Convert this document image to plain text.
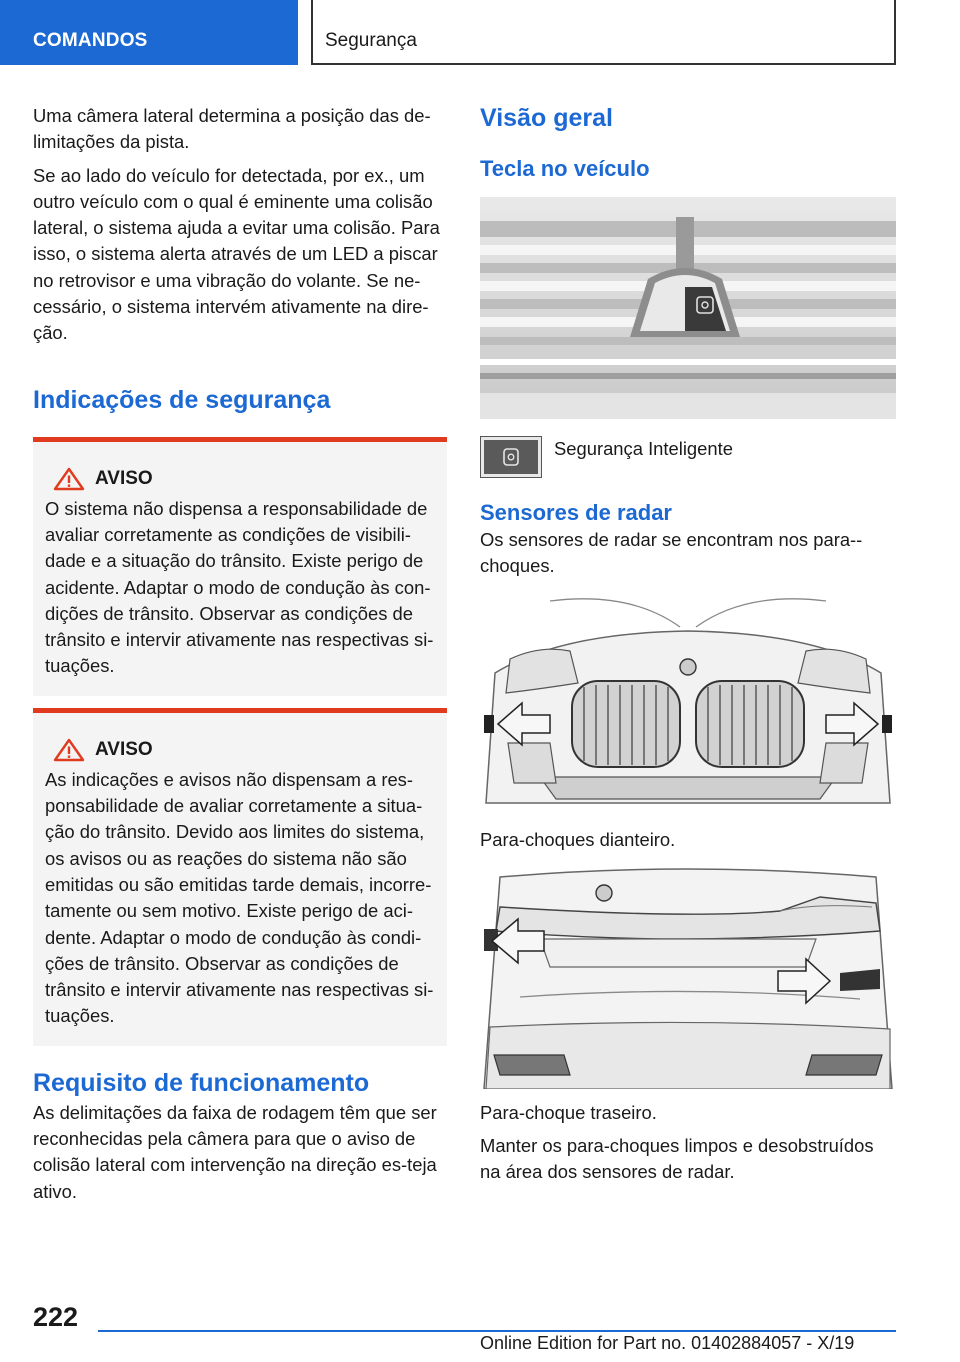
COMANDOS	Segurança

Uma câmera lateral determina a posição das de-limitações da pista.

Se ao lado do veículo for detectada, por ex., um outro veículo com o qual é eminente uma colisão lateral, o sistema ajuda a evitar uma colisão. Para isso, o sistema alerta através de um LED a piscar no retrovisor e uma vibração do volante. Se ne-cessário, o sistema intervém ativamente na dire-ção.

Indicações de segurança
AVISO

O sistema não dispensa a responsabilidade de avaliar corretamente as condições de visibili-dade e a situação do trânsito. Existe perigo de acidente. Adaptar o modo de condução às con-dições de trânsito. Observar as condições de trânsito e intervir ativamente nas respectivas si-tuações.

AVISO

As indicações e avisos não dispensam a res-ponsabilidade de avaliar corretamente a situa-ção do trânsito. Devido aos limites do sistema, os avisos ou as reações do sistema não são emitidas ou são emitidas tarde demais, incorre-tamente ou sem motivo. Existe perigo de aci-dente. Adaptar o modo de condução às condi-ções de trânsito. Observar as condições de trânsito e intervir ativamente nas respectivas si-tuações.

Requisito de funcionamento

As delimitações da faixa de rodagem têm que ser reconhecidas pela câmera para que o aviso de colisão lateral com intervenção na direção es-teja ativo.

Visão geral
Tecla no veículo
Segurança Inteligente
Sensores de radar

Os sensores de radar se encontram nos para--choques.

Para-choques dianteiro.

Para-choque traseiro.

Manter os para-choques limpos e desobstruídos na área dos sensores de radar.

222
Online Edition for Part no. 01402884057 - X/19
